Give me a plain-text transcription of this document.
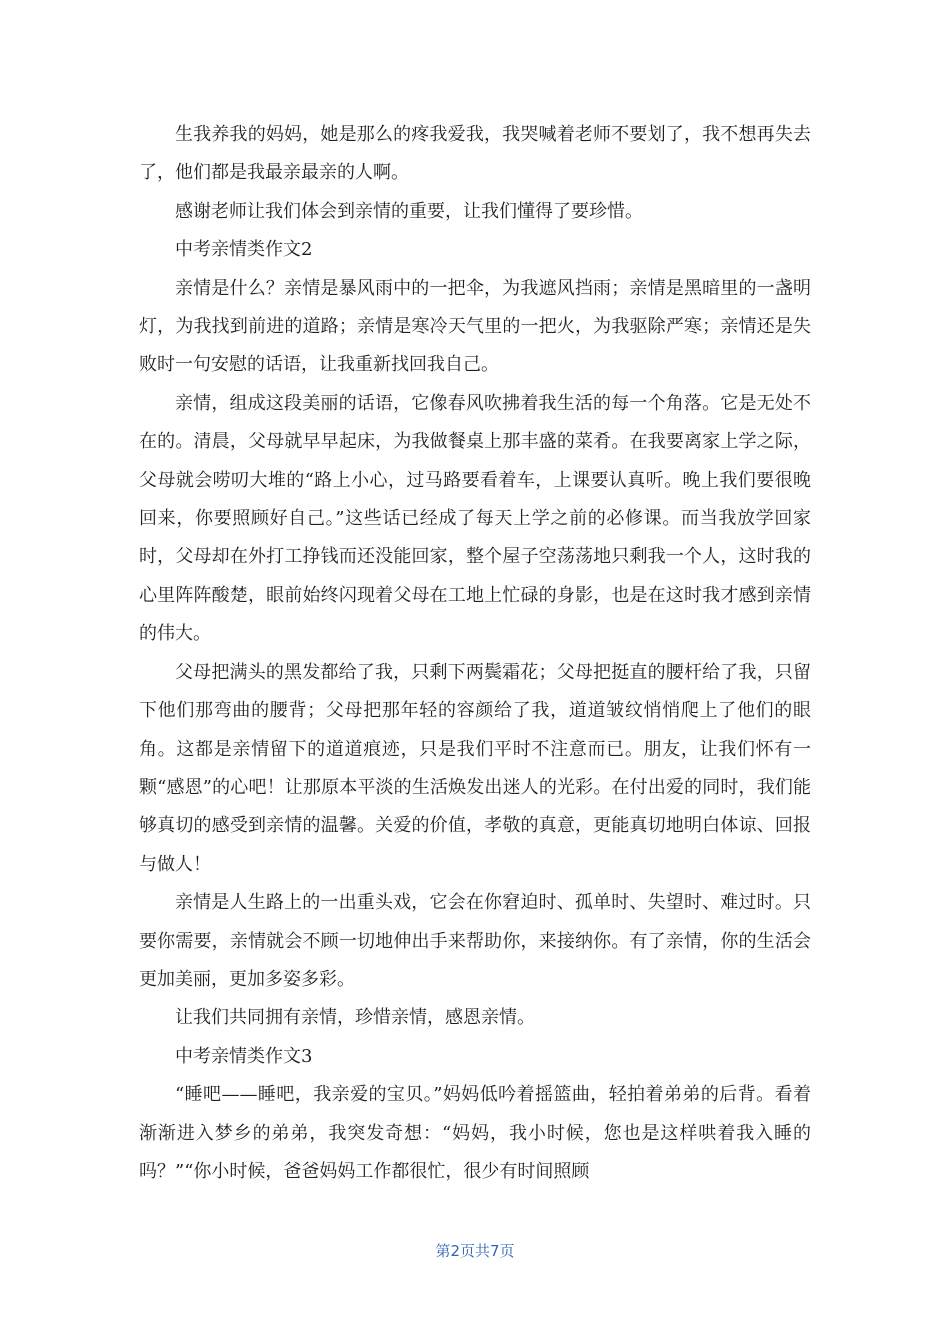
生我养我的妈妈，她是那么的疼我爱我，我哭喊着老师不要划了，我不想再失去了，他们都是我最亲最亲的人啊。

感谢老师让我们体会到亲情的重要，让我们懂得了要珍惜。

中考亲情类作文2

亲情是什么？亲情是暴风雨中的一把伞，为我遮风挡雨；亲情是黑暗里的一盏明灯，为我找到前进的道路；亲情是寒冷天气里的一把火，为我驱除严寒；亲情还是失败时一句安慰的话语，让我重新找回我自己。

亲情，组成这段美丽的话语，它像春风吹拂着我生活的每一个角落。它是无处不在的。清晨，父母就早早起床，为我做餐桌上那丰盛的菜肴。在我要离家上学之际，父母就会唠叨大堆的“路上小心，过马路要看着车，上课要认真听。晚上我们要很晚回来，你要照顾好自己。”这些话已经成了每天上学之前的必修课。而当我放学回家时，父母却在外打工挣钱而还没能回家，整个屋子空荡荡地只剩我一个人，这时我的心里阵阵酸楚，眼前始终闪现着父母在工地上忙碌的身影，也是在这时我才感到亲情的伟大。

父母把满头的黑发都给了我，只剩下两鬓霜花；父母把挺直的腰杆给了我，只留下他们那弯曲的腰背；父母把那年轻的容颜给了我，道道皱纹悄悄爬上了他们的眼角。这都是亲情留下的道道痕迹，只是我们平时不注意而已。朋友，让我们怀有一颗“感恩”的心吧！让那原本平淡的生活焕发出迷人的光彩。在付出爱的同时，我们能够真切的感受到亲情的温馨。关爱的价值，孝敬的真意，更能真切地明白体谅、回报与做人！

亲情是人生路上的一出重头戏，它会在你窘迫时、孤单时、失望时、难过时。只要你需要，亲情就会不顾一切地伸出手来帮助你，来接纳你。有了亲情，你的生活会更加美丽，更加多姿多彩。

让我们共同拥有亲情，珍惜亲情，感恩亲情。

中考亲情类作文3

“睡吧——睡吧，我亲爱的宝贝。”妈妈低吟着摇篮曲，轻拍着弟弟的后背。看着渐渐进入梦乡的弟弟，我突发奇想：“妈妈，我小时候，您也是这样哄着我入睡的吗？”“你小时候，爸爸妈妈工作都很忙，很少有时间照顾

第2页共7页
